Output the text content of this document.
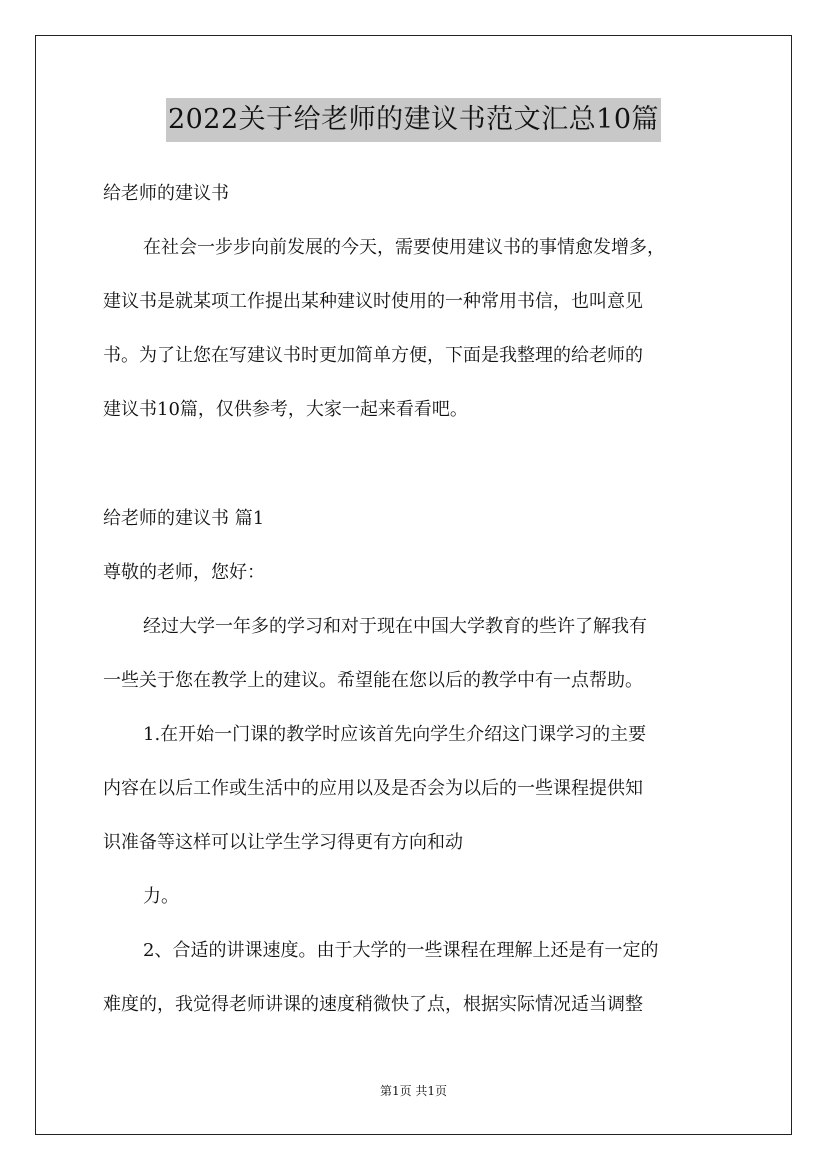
2022关于给老师的建议书范文汇总10篇
给老师的建议书
在社会一步步向前发展的今天，需要使用建议书的事情愈发增多，
建议书是就某项工作提出某种建议时使用的一种常用书信，也叫意见
书。为了让您在写建议书时更加简单方便，下面是我整理的给老师的
建议书10篇，仅供参考，大家一起来看看吧。
给老师的建议书 篇1
尊敬的老师，您好：
经过大学一年多的学习和对于现在中国大学教育的些许了解我有
一些关于您在教学上的建议。希望能在您以后的教学中有一点帮助。
1.在开始一门课的教学时应该首先向学生介绍这门课学习的主要
内容在以后工作或生活中的应用以及是否会为以后的一些课程提供知
识准备等这样可以让学生学习得更有方向和动
力。
2、合适的讲课速度。由于大学的一些课程在理解上还是有一定的
难度的，我觉得老师讲课的速度稍微快了点，根据实际情况适当调整
第1页 共1页
